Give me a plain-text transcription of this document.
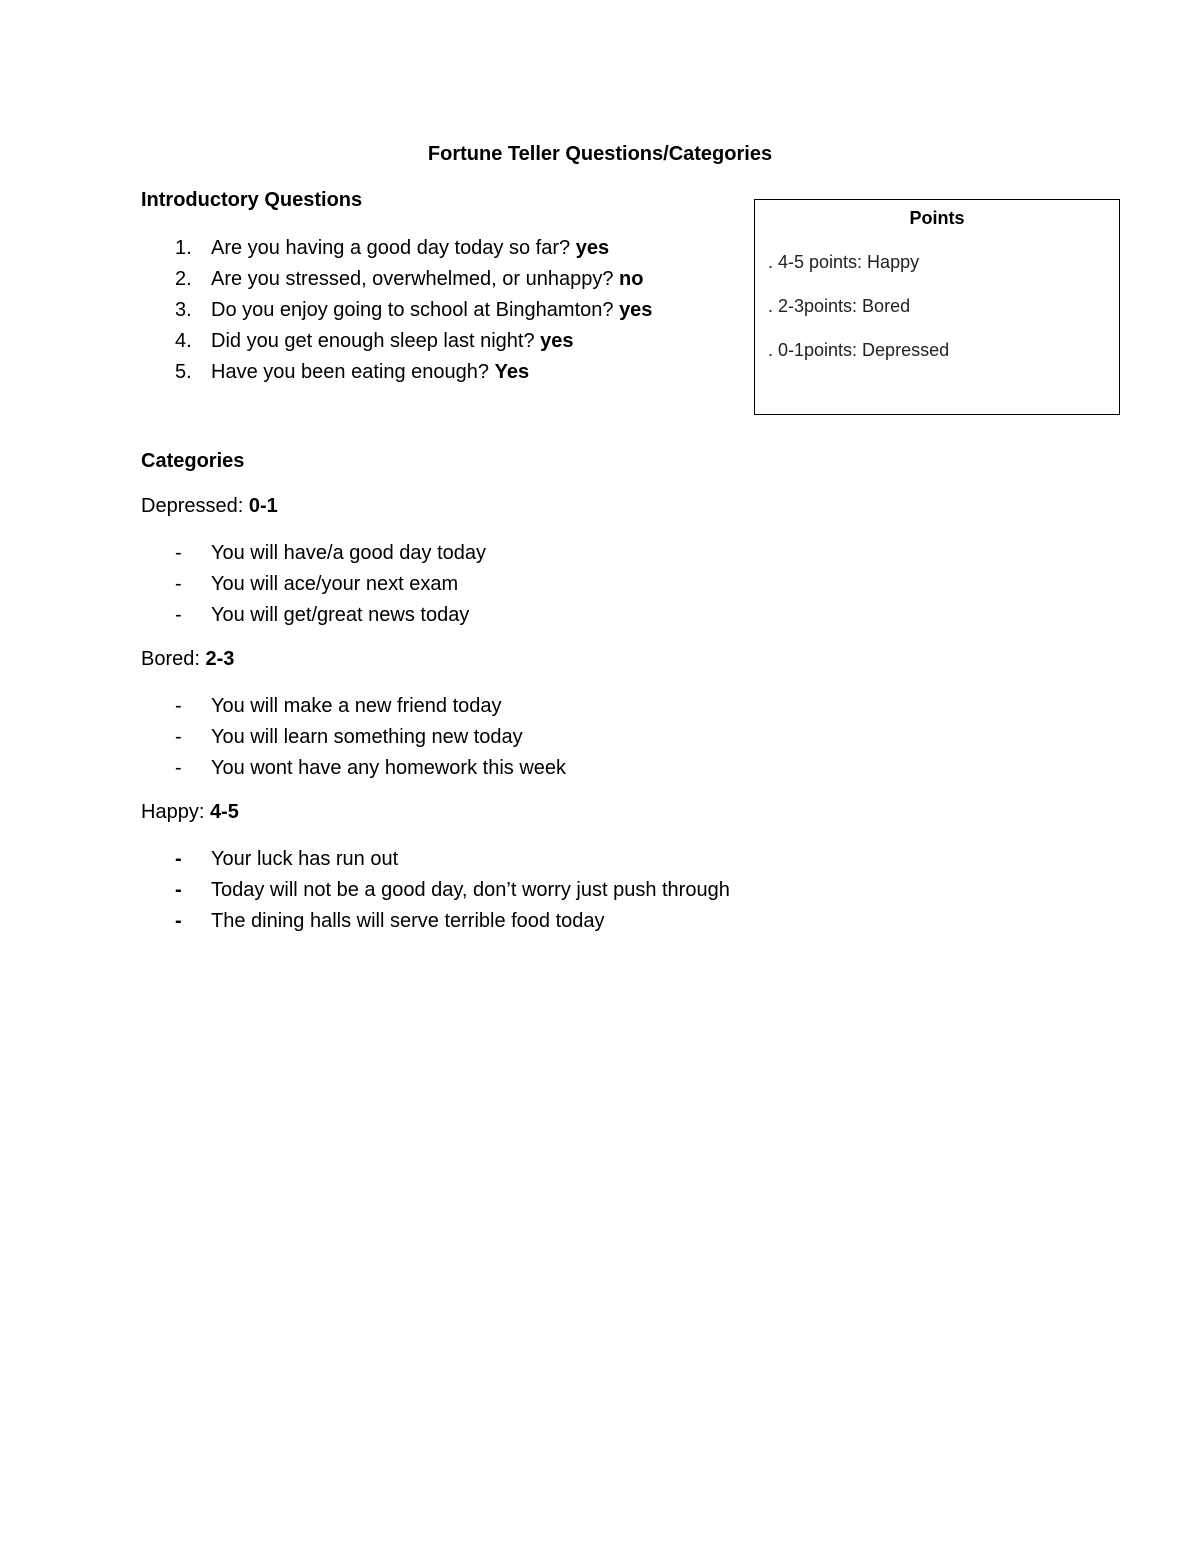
Fortune Teller Questions/Categories
Introductory Questions
1. Are you having a good day today so far? yes
2. Are you stressed, overwhelmed, or unhappy? no
3. Do you enjoy going to school at Binghamton? yes
4. Did you get enough sleep last night? yes
5. Have you been eating enough? Yes
Points
. 4-5 points: Happy
. 2-3points: Bored
. 0-1points: Depressed
Categories
Depressed: 0-1
- You will have/a good day today
- You will ace/your next exam
- You will get/great news today
Bored: 2-3
- You will make a new friend today
- You will learn something new today
- You wont have any homework this week
Happy: 4-5
- Your luck has run out
- Today will not be a good day, don’t worry just push through
- The dining halls will serve terrible food today
